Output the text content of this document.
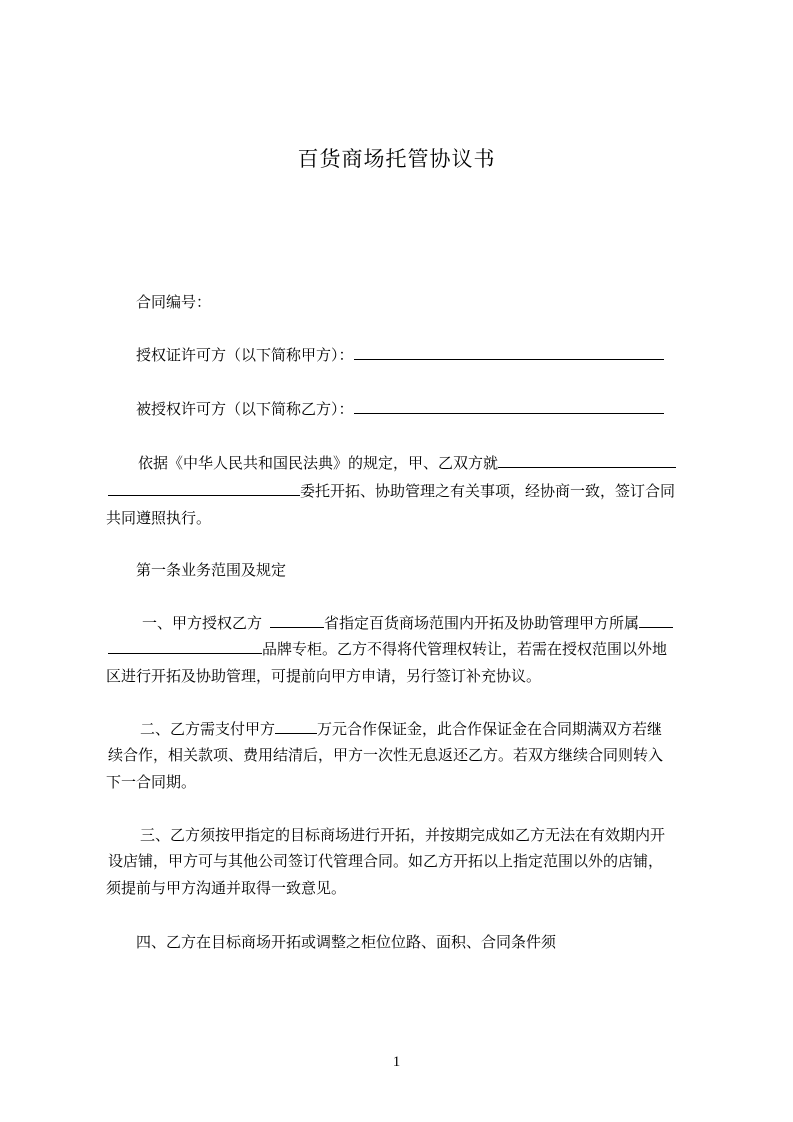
百货商场托管协议书
合同编号：
授权证许可方（以下简称甲方）：
被授权许可方（以下简称乙方）：
依据《中华人民共和国民法典》的规定，甲、乙双方就
委托开拓、协助管理之有关事项，经协商一致，签订合同
共同遵照执行。
第一条业务范围及规定
一、甲方授权乙方	省指定百货商场范围内开拓及协助管理甲方所属
品牌专柜。乙方不得将代管理权转让，若需在授权范围以外地
区进行开拓及协助管理，可提前向甲方申请，另行签订补充协议。
二、乙方需支付甲方	万元合作保证金，此合作保证金在合同期满双方若继
续合作，相关款项、费用结清后，甲方一次性无息返还乙方。若双方继续合同则转入
下一合同期。
三、乙方须按甲指定的目标商场进行开拓，并按期完成如乙方无法在有效期内开
设店铺，甲方可与其他公司签订代管理合同。如乙方开拓以上指定范围以外的店铺，
须提前与甲方沟通并取得一致意见。
四、乙方在目标商场开拓或调整之柜位位路、面积、合同条件须
1
